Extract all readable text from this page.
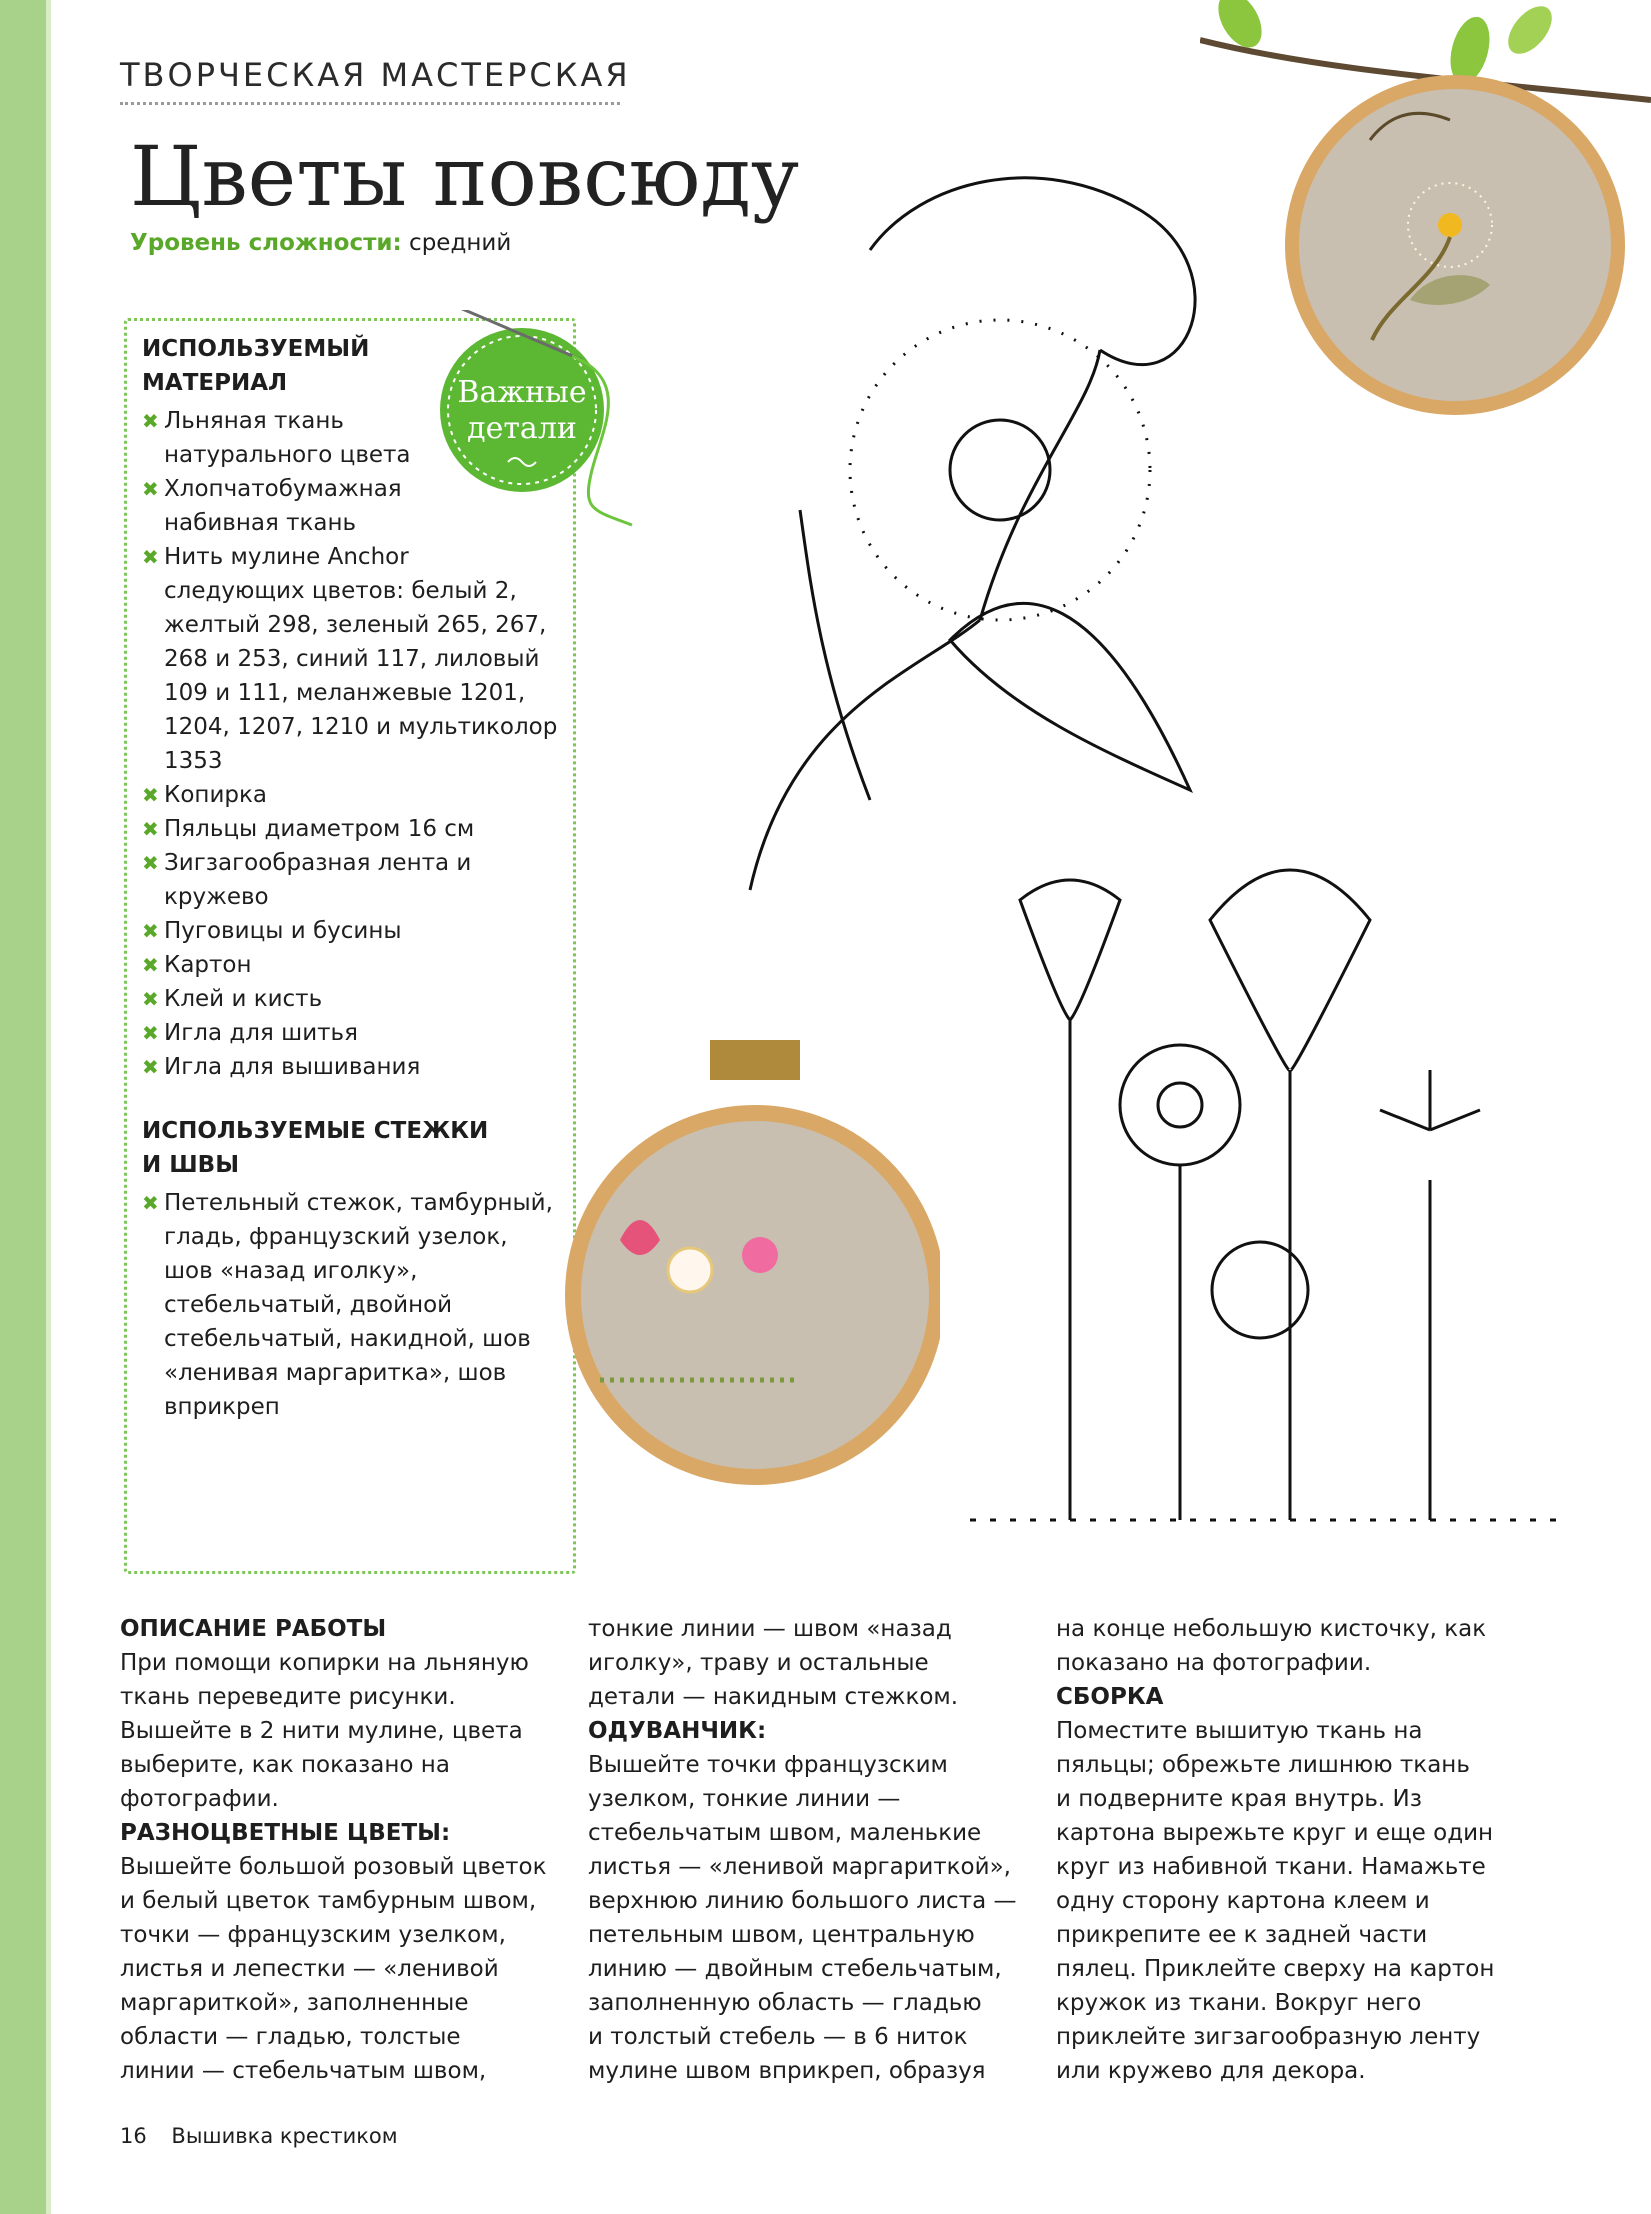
ТВОРЧЕСКАЯ МАСТЕРСКАЯ
Цветы повсюду
Уровень сложности: средний
ИСПОЛЬЗУЕМЫЙ
МАТЕРИАЛ
✖ Льняная ткань
натурального цвета
✖ Хлопчатобумажная
набивная ткань
✖ Нить мулине Anchor
следующих цветов: белый 2,
желтый 298, зеленый 265, 267,
268 и 253, синий 117, лиловый
109 и 111, меланжевые 1201,
1204, 1207, 1210 и мультиколор
1353
✖ Копирка
✖ Пяльцы диаметром 16 см
✖ Зигзагообразная лента и
кружево
✖ Пуговицы и бусины
✖ Картон
✖ Клей и кисть
✖ Игла для шитья
✖ Игла для вышивания
ИСПОЛЬЗУЕМЫЕ СТЕЖКИ
И ШВЫ
✖ Петельный стежок, тамбурный,
гладь, французский узелок,
шов «назад иголку»,
стебельчатый, двойной
стебельчатый, накидной, шов
«ленивая маргаритка», шов
вприкреп
Важные
детали
ОПИСАНИЕ РАБОТЫ

При помощи копирки на льняную
ткань переведите рисунки.
Вышейте в 2 нити мулине, цвета
выберите, как показано на
фотографии.

РАЗНОЦВЕТНЫЕ ЦВЕТЫ:

Вышейте большой розовый цветок
и белый цветок тамбурным швом,
точки — французским узелком,
листья и лепестки — «ленивой
маргариткой», заполненные
области — гладью, толстые
линии — стебельчатым швом,

тонкие линии — швом «назад
иголку», траву и остальные
детали — накидным стежком.

ОДУВАНЧИК:

Вышейте точки французским
узелком, тонкие линии —
стебельчатым швом, маленькие
листья — «ленивой маргариткой»,
верхнюю линию большого листа —
петельным швом, центральную
линию — двойным стебельчатым,
заполненную область — гладью
и толстый стебель — в 6 ниток
мулине швом вприкреп, образуя

на конце небольшую кисточку, как
показано на фотографии.

СБОРКА

Поместите вышитую ткань на
пяльцы; обрежьте лишнюю ткань
и подверните края внутрь. Из
картона вырежьте круг и еще один
круг из набивной ткани. Намажьте
одну сторону картона клеем и
прикрепите ее к задней части
пялец. Приклейте сверху на картон
кружок из ткани. Вокруг него
приклейте зигзагообразную ленту
или кружево для декора.

16 Вышивка крестиком
